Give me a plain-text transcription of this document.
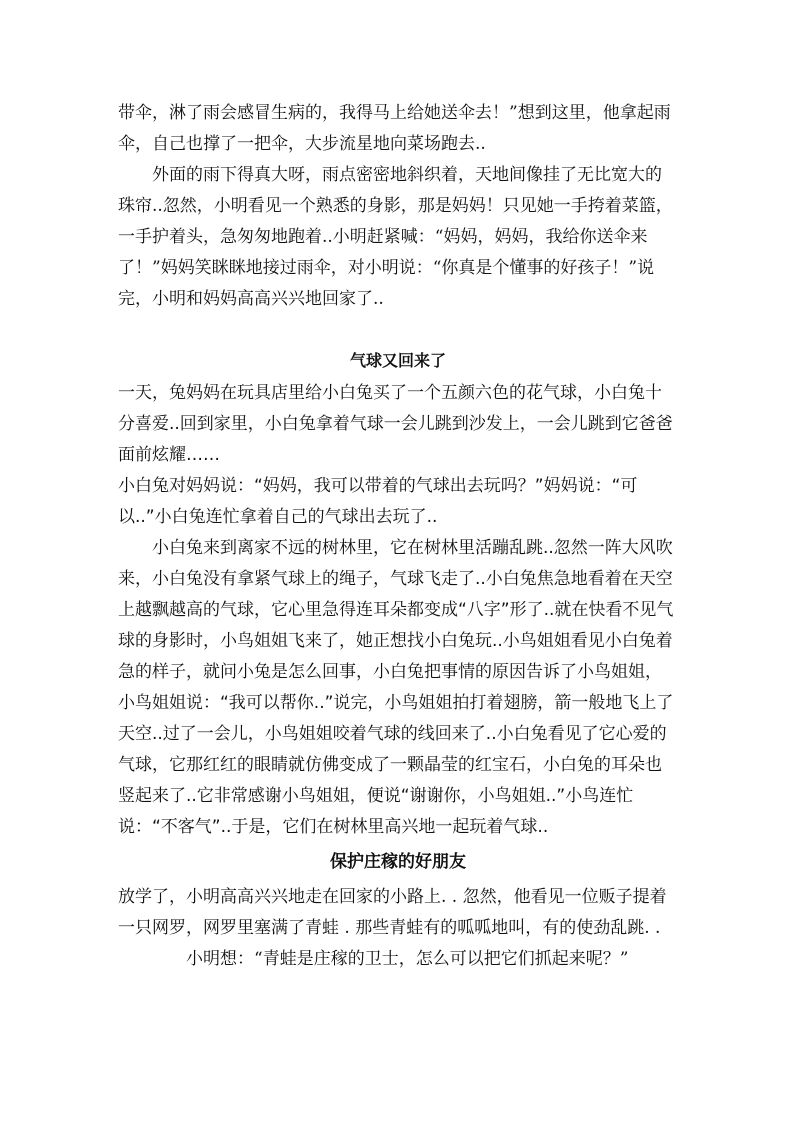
带伞，淋了雨会感冒生病的，我得马上给她送伞去！”想到这里，他拿起雨伞，自己也撑了一把伞，大步流星地向菜场跑去..

外面的雨下得真大呀，雨点密密地斜织着，天地间像挂了无比宽大的珠帘..忽然，小明看见一个熟悉的身影，那是妈妈！只见她一手挎着菜篮，一手护着头，急匆匆地跑着..小明赶紧喊：“妈妈，妈妈，我给你送伞来了！”妈妈笑眯眯地接过雨伞，对小明说：“你真是个懂事的好孩子！”说完，小明和妈妈高高兴兴地回家了..

气球又回来了

一天，兔妈妈在玩具店里给小白兔买了一个五颜六色的花气球，小白兔十分喜爱..回到家里，小白兔拿着气球一会儿跳到沙发上，一会儿跳到它爸爸面前炫耀……

小白兔对妈妈说：“妈妈，我可以带着的气球出去玩吗？”妈妈说：“可以..”小白兔连忙拿着自己的气球出去玩了..

小白兔来到离家不远的树林里，它在树林里活蹦乱跳..忽然一阵大风吹来，小白兔没有拿紧气球上的绳子，气球飞走了..小白兔焦急地看着在天空上越飘越高的气球，它心里急得连耳朵都变成“八字”形了..就在快看不见气球的身影时，小鸟姐姐飞来了，她正想找小白兔玩..小鸟姐姐看见小白兔着急的样子，就问小兔是怎么回事，小白兔把事情的原因告诉了小鸟姐姐，小鸟姐姐说：“我可以帮你..”说完，小鸟姐姐拍打着翅膀，箭一般地飞上了天空..过了一会儿，小鸟姐姐咬着气球的线回来了..小白兔看见了它心爱的气球，它那红红的眼睛就仿佛变成了一颗晶莹的红宝石，小白兔的耳朵也竖起来了..它非常感谢小鸟姐姐，便说“谢谢你，小鸟姐姐..”小鸟连忙说：“不客气”..于是，它们在树林里高兴地一起玩着气球..

保护庄稼的好朋友

放学了，小明高高兴兴地走在回家的小路上. . 忽然，他看见一位贩子提着一只网罗，网罗里塞满了青蛙 . 那些青蛙有的呱呱地叫，有的使劲乱跳. .

小明想：“青蛙是庄稼的卫士，怎么可以把它们抓起来呢？”
